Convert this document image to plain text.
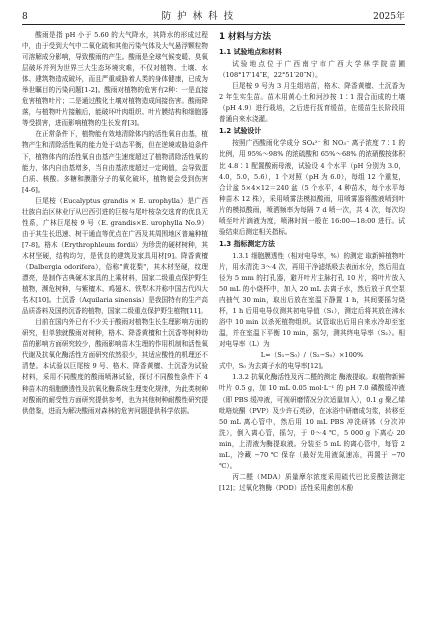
8	防护林科技	2025年

酸雨是指 pH 小于 5.60 的大气降水，其降水的形成过程中，由于受到大气中二氧化硫和其他污染气体及大气悬浮颗粒物可溶解成分影响，导致酸雨的产生。酸雨是全球气候变暖、臭氧层破坏并列为世界三大生态环境灾难，不仅对植物、土壤、水体、建筑物造成破坏，而且严重威胁着人类的身体健康，已成为举世瞩目的污染问题[1-2]。酸雨对植物的危害有2种：一是直接危害植物叶片；二是通过酸化土壤对植物造成间接伤害。酸雨降落，与植物叶片接触后，能破坏叶肉组织、叶片膜结构和细胞器等受损害，进而影响植物的生长发育[3]。

在正常条件下，植物能有效地清除体内的活性氧自由基，植物产生和清除活性氧的能力处于动态平衡，但在逆境或胁迫条件下，植物体内的活性氧自由基产生速度超过了植物清除活性氧的能力，体内自由基增多，当自由基浓度超过一定阈值，会导致蛋白质、核酸、多糖和膜脂分子的氧化破坏，植物便会受到伤害[4-6]。

巨尾桉（Eucalyptus grandis × E. urophylla）是广西壮族自治区林业厅从巴西引进的巨桉与尾叶桉杂交选育的优良无性系，广林巨尾桉 9 号（E. grandis×E. urophylla No.9）由于其生长迅速、树干通直等优点在广西及其周围地区普遍种植[7-8]。格木（Erythrophleum fordii）为珍贵的硬材树种，其木材坚硬，结构均匀，是优良的建筑及家具用材[9]。降香黄檀（Dalbergia odorifera），俗称"黄花梨"，其木材坚硬，纹理漂亮，是制作古典硬木家具的上乘材料，国家二级重点保护野生植物，濒危树种，与紫檀木、鸡翅木、铁犁木并称中国古代四大名木[10]。土沉香（Aquilaria sinensis）是我国特有的生产高品质香料及国药沉香的植物，国家二级重点保护野生植物[11]。

目前在国内外已有不少关于酸雨对植物生长生理影响方面的研究，但单独就酸雨对树种，格木、降香黄檀和土沉香等树种幼苗的影响方面研究较少，酸雨影响苗木生理的作用机制和活性氧代谢及抗氧化酶活性方面研究依然很少，其适应酸性的机理还不清楚。本试验以巨尾桉 9 号、格木、降香黄檀、土沉香为试验材料，采用不同酸度的酸雨喷淋试验，探讨不同酸性条件下 4 种苗木的细胞膜透性及抗氧化酶系统生理变化规律，为此类树种对酸雨的耐受性方面研究提供参考，也为其他树种耐酸性研究提供借鉴，进而为解决酸雨对森林的危害问题提供科学依据。

1 材料与方法
1.1 试验地点和材料

试验地点位于广西南宁市广西大学林学院苗圃（108°17′14″E，22°51′20″N）。

巨尾桉 9 号为 3 月生组培苗，格木、降香黄檀、土沉香为 2 年生实生苗。苗木用黄心土和河沙按 1∶1 混合而成的土壤（pH 4.9）进行栽培，之后进行抚育缓苗，在缓苗生长阶段用普通自来水浇灌。

1.2 试验设计

按照广西酸雨化学成分 SO₄²⁻ 和 NO₃⁻ 离子浓度 7∶1 的比例，用 95%～98% 的浓硫酸和 65%～68% 的浓硝酸按体积比 4.8∶1 配置酸雨母液，试验设 4 个水平（pH 分别为 3.0，4.0，5.0，5.6），1 个对照（pH 为 6.0），每组 12 个重复，合计盆 5×4×12＝240 盆（5 个水平，4 种苗木，每个水平每种苗木 12 株），采用喷雾法模拟酸雨，用喷雾器将酸液喷到叶片的模拟酸雨，喷洒频率为每隔 7 d 喷一次，共 4 次，每次均喷至叶片滴液为度，喷淋时间一般在 16:00—18:00 进行。试验结束后测定相关指标。

1.3 指标测定方法

1.3.1 细胞膜透性（相对电导率，%）的测定 取新鲜植物叶片，用水清洗 3～4 次，再用干净滤纸吸去表面水分，然后用直径为 5 mm 的打孔器，避开叶片主脉打孔 10 片，将叶片放入 50 mL 的小烧杯中，加入 20 mL 去离子水，然后放于真空泵内抽气 30 min，取出后放在室温下静置 1 h，其间要摇匀烧杯，1 h 后用电导仪测其初电导值（S₁），测定后将其放在沸水浴中 10 min 以杀死植物组织。试管取出后用自来水冷却至室温，并在室温下平衡 10 min，摇匀，测其终电导率（S₂）。相对电导率（L）为

L=（S₁−S₀）/（S₂−S₀）×100%

式中，S₀ 为去离子水的电导率[12]。

1.3.2 抗氧化酶活性及丙二醛的测定 酶液提取。取植物新鲜叶片 0.5 g，加 10 mL 0.05 mol·L⁻¹ 的 pH 7.0 磷酸缓冲液（即 PBS 缓冲液，可视研磨情况分次适量加入），0.1 g 聚乙烯吡咯烷酮（PVP）及少许石英砂，在冰浴中研磨成匀浆，转移至 50 mL 离心管中，然后用 10 mL PBS 冲洗研钵（分次冲洗），倒入离心管，摇匀，于 0～4 ℃，5 000 g 下离心 20 min，上清液为酶提取液。分装至 5 mL 的离心管中，每管 2 mL，冷藏 −70 ℃ 保存（最好先用液氮速冻，再置于 −70 ℃）。

丙二醛（MDA）质量摩尔浓度采用硫代巴比妥酸法测定[12]；过氧化物酶（POD）活性采用愈创木酚
